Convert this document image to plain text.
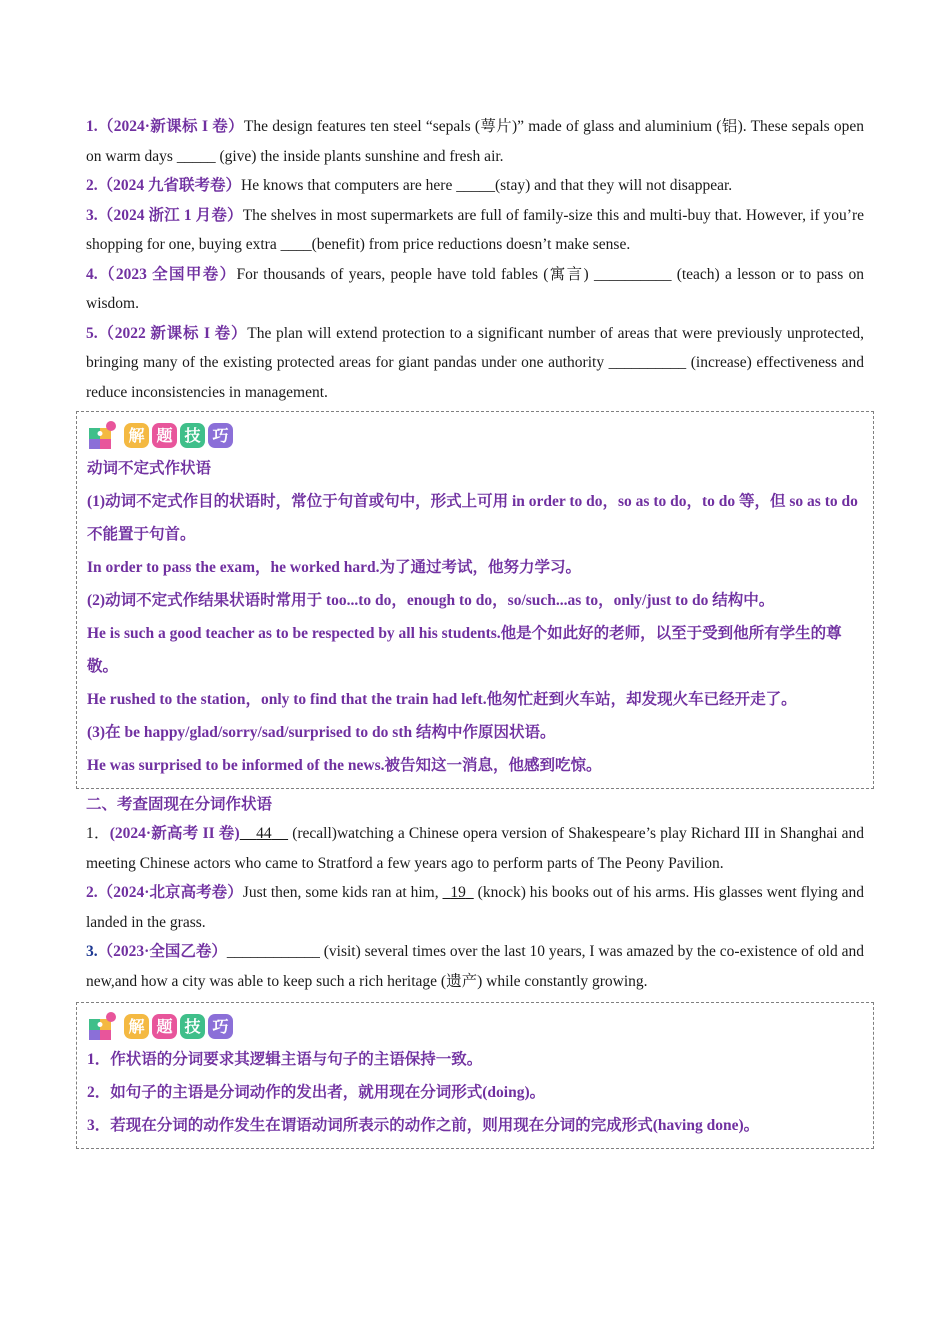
1.（2024·新课标 I 卷）The design features ten steel “sepals (萼片)” made of glass and aluminium (铝). These sepals open on warm days _____ (give) the inside plants sunshine and fresh air.

2.（2024 九省联考卷）He knows that computers are here _____(stay) and that they will not disappear.

3.（2024 浙江 1 月卷）The shelves in most supermarkets are full of family-size this and multi-buy that. However, if you’re shopping for one, buying extra ____(benefit) from price reductions doesn’t make sense.

4.（2023 全国甲卷）For thousands of years, people have told fables (寓言) __________ (teach) a lesson or to pass on wisdom.

5.（2022 新课标 I 卷）The plan will extend protection to a significant number of areas that were previously unprotected, bringing many of the existing protected areas for giant pandas under one authority __________ (increase) effectiveness and reduce inconsistencies in management.

解 题 技 巧

动词不定式作状语

(1)动词不定式作目的状语时，常位于句首或句中，形式上可用 in order to do，so as to do，to do 等，但 so as to do 不能置于句首。

In order to pass the exam，he worked hard.为了通过考试，他努力学习。

(2)动词不定式作结果状语时常用于 too...to do，enough to do，so/such...as to，only/just to do 结构中。

He is such a good teacher as to be respected by all his students.他是个如此好的老师，以至于受到他所有学生的尊敬。

He rushed to the station，only to find that the train had left.他匆忙赶到火车站，却发现火车已经开走了。

(3)在 be happy/glad/sorry/sad/surprised to do sth 结构中作原因状语。

He was surprised to be informed of the news.被告知这一消息，他感到吃惊。

二、考查固现在分词作状语

1．(2024·新高考 II 卷) 44     (recall)watching a Chinese opera version of Shakespeare’s play Richard III in Shanghai and meeting Chinese actors who came to Stratford a few years ago to perform parts of The Peony Pavilion.

2.（2024·北京高考卷）Just then, some kids ran at him,   19   (knock) his books out of his arms. His glasses went flying and landed in the grass.

3.（2023·全国乙卷）____________ (visit) several times over the last 10 years, I was amazed by the co-existence of old and new,and how a city was able to keep such a rich heritage (遗产) while constantly growing.

解 题 技 巧

1．作状语的分词要求其逻辑主语与句子的主语保持一致。

2．如句子的主语是分词动作的发出者，就用现在分词形式(doing)。

3．若现在分词的动作发生在谓语动词所表示的动作之前，则用现在分词的完成形式(having done)。
